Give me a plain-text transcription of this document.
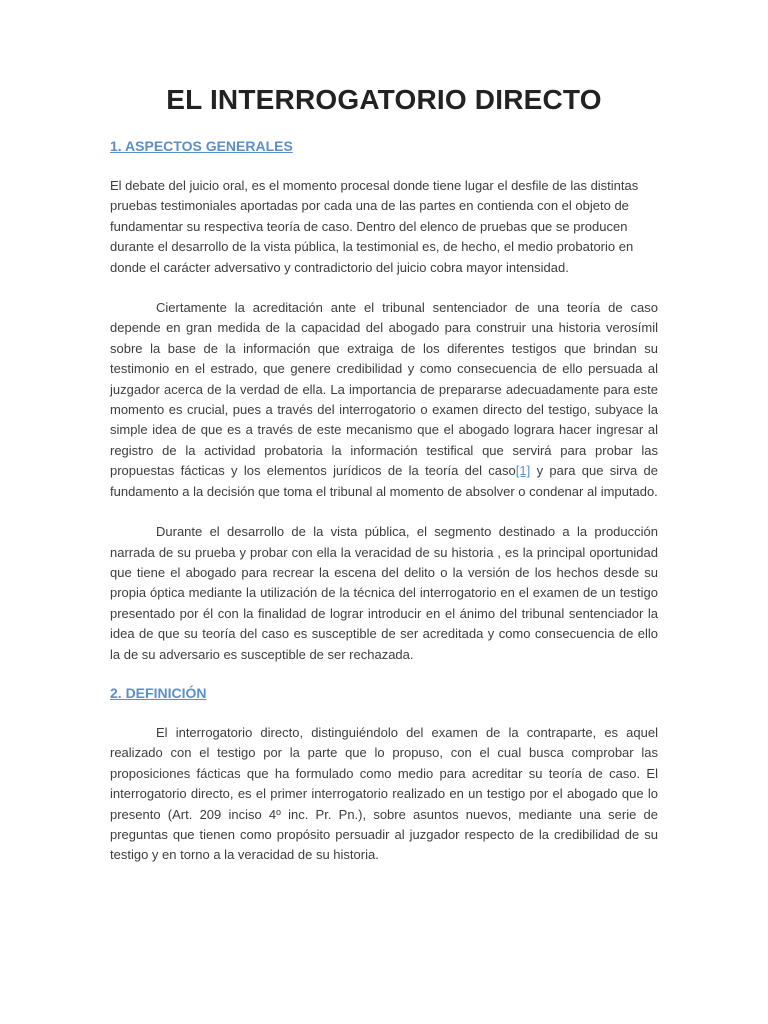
EL INTERROGATORIO DIRECTO
1. ASPECTOS GENERALES

El debate del juicio oral, es el momento procesal donde tiene lugar el desfile de las distintas pruebas testimoniales aportadas por cada una de las partes en contienda con el objeto de fundamentar su respectiva teoría de caso. Dentro del elenco de pruebas que se producen durante el desarrollo de la vista pública, la testimonial es, de hecho, el medio probatorio en donde el carácter adversativo y contradictorio del juicio cobra mayor intensidad.

Ciertamente la acreditación ante el tribunal sentenciador de una teoría de caso depende en gran medida de la capacidad del abogado para construir una historia verosímil sobre la base de la información que extraiga de los diferentes testigos que brindan su testimonio en el estrado, que genere credibilidad y como consecuencia de ello persuada al juzgador acerca de la verdad de ella. La importancia de prepararse adecuadamente para este momento es crucial, pues a través del interrogatorio o examen directo del testigo, subyace la simple idea de que es a través de este mecanismo que el abogado lograra hacer ingresar al registro de la actividad probatoria la información testifical que servirá para probar las propuestas fácticas y los elementos jurídicos de la teoría del caso[1] y para que sirva de fundamento a la decisión que toma el tribunal al momento de absolver o condenar al imputado.

Durante el desarrollo de la vista pública, el segmento destinado a la producción narrada de su prueba y probar con ella la veracidad de su historia , es la principal oportunidad que tiene el abogado para recrear la escena del delito o la versión de los hechos desde su propia óptica mediante la utilización de la técnica del interrogatorio en el examen de un testigo presentado por él con la finalidad de lograr introducir en el ánimo del tribunal sentenciador la idea de que su teoría del caso es susceptible de ser acreditada y como consecuencia de ello la de su adversario es susceptible de ser rechazada.

2. DEFINICIÓN

El interrogatorio directo, distinguiéndolo del examen de la contraparte, es aquel realizado con el testigo por la parte que lo propuso, con el cual busca comprobar las proposiciones fácticas que ha formulado como medio para acreditar su teoría de caso. El interrogatorio directo, es el primer interrogatorio realizado en un testigo por el abogado que lo presento (Art. 209 inciso 4º inc. Pr. Pn.), sobre asuntos nuevos, mediante una serie de preguntas que tienen como propósito persuadir al juzgador respecto de la credibilidad de su testigo y en torno a la veracidad de su historia.
